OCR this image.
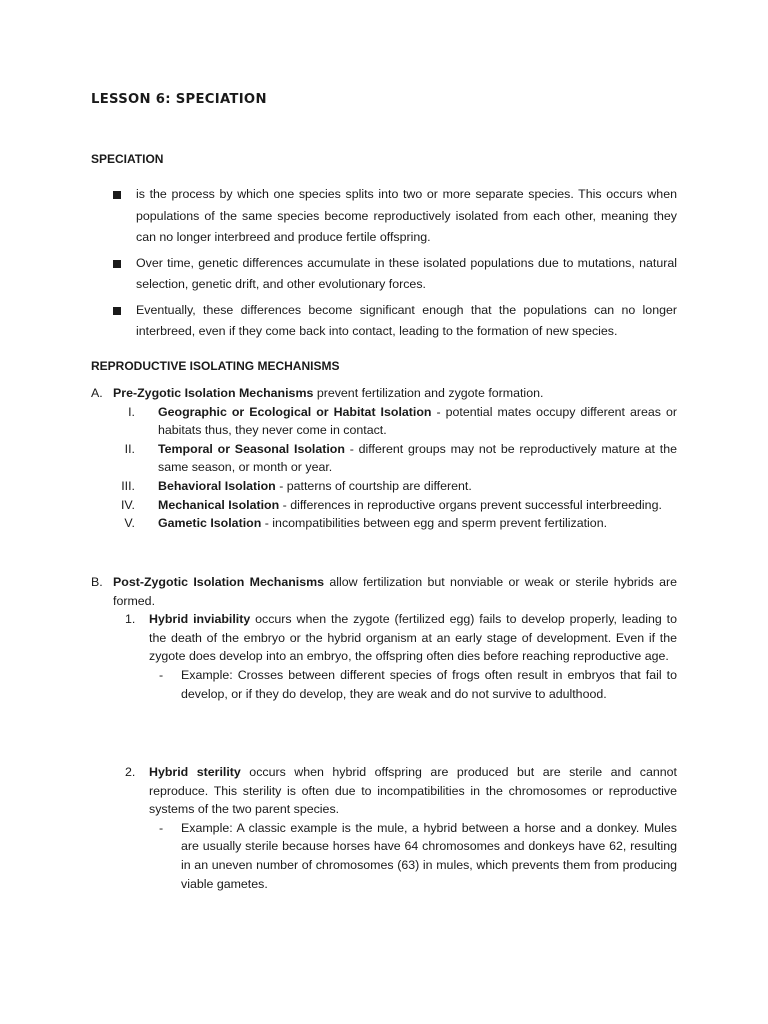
LESSON 6: SPECIATION
SPECIATION
is the process by which one species splits into two or more separate species. This occurs when populations of the same species become reproductively isolated from each other, meaning they can no longer interbreed and produce fertile offspring.
Over time, genetic differences accumulate in these isolated populations due to mutations, natural selection, genetic drift, and other evolutionary forces.
Eventually, these differences become significant enough that the populations can no longer interbreed, even if they come back into contact, leading to the formation of new species.
REPRODUCTIVE ISOLATING MECHANISMS
A. Pre-Zygotic Isolation Mechanisms prevent fertilization and zygote formation.
I. Geographic or Ecological or Habitat Isolation - potential mates occupy different areas or habitats thus, they never come in contact.
II. Temporal or Seasonal Isolation - different groups may not be reproductively mature at the same season, or month or year.
III. Behavioral Isolation - patterns of courtship are different.
IV. Mechanical Isolation - differences in reproductive organs prevent successful interbreeding.
V. Gametic Isolation - incompatibilities between egg and sperm prevent fertilization.
B. Post-Zygotic Isolation Mechanisms allow fertilization but nonviable or weak or sterile hybrids are formed.
1. Hybrid inviability occurs when the zygote (fertilized egg) fails to develop properly, leading to the death of the embryo or the hybrid organism at an early stage of development. Even if the zygote does develop into an embryo, the offspring often dies before reaching reproductive age.
- Example: Crosses between different species of frogs often result in embryos that fail to develop, or if they do develop, they are weak and do not survive to adulthood.
2. Hybrid sterility occurs when hybrid offspring are produced but are sterile and cannot reproduce. This sterility is often due to incompatibilities in the chromosomes or reproductive systems of the two parent species.
- Example: A classic example is the mule, a hybrid between a horse and a donkey. Mules are usually sterile because horses have 64 chromosomes and donkeys have 62, resulting in an uneven number of chromosomes (63) in mules, which prevents them from producing viable gametes.
